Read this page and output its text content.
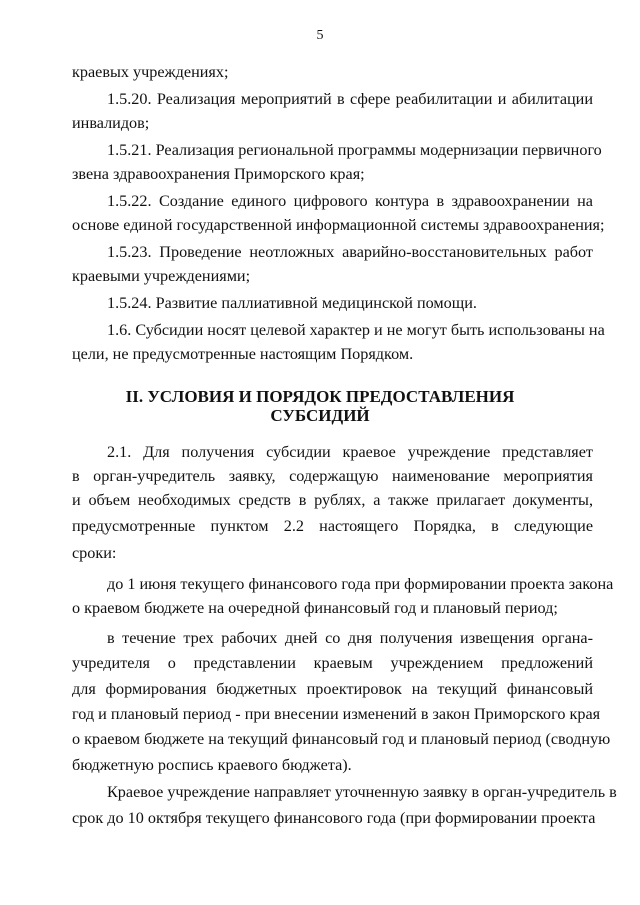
5
краевых учреждениях;
1.5.20. Реализация мероприятий в сфере реабилитации и абилитации
инвалидов;
1.5.21. Реализация региональной программы модернизации первичного
звена здравоохранения Приморского края;
1.5.22. Создание единого цифрового контура в здравоохранении на
основе единой государственной информационной системы здравоохранения;
1.5.23. Проведение неотложных аварийно-восстановительных работ
краевыми учреждениями;
1.5.24. Развитие паллиативной медицинской помощи.
1.6. Субсидии носят целевой характер и не могут быть использованы на
цели, не предусмотренные настоящим Порядком.
II. УСЛОВИЯ И ПОРЯДОК ПРЕДОСТАВЛЕНИЯ
СУБСИДИЙ
2.1. Для получения субсидии краевое учреждение представляет
в орган-учредитель заявку, содержащую наименование мероприятия
и объем необходимых средств в рублях, а также прилагает документы,
предусмотренные пунктом 2.2 настоящего Порядка, в следующие
сроки:
до 1 июня текущего финансового года при формировании проекта закона
о краевом бюджете на очередной финансовый год и плановый период;
в течение трех рабочих дней со дня получения извещения органа-
учредителя о представлении краевым учреждением предложений
для формирования бюджетных проектировок на текущий финансовый
год и плановый период - при внесении изменений в закон Приморского края
о краевом бюджете на текущий финансовый год и плановый период (сводную
бюджетную роспись краевого бюджета).
Краевое учреждение направляет уточненную заявку в орган-учредитель в
срок до 10 октября текущего финансового года (при формировании проекта
